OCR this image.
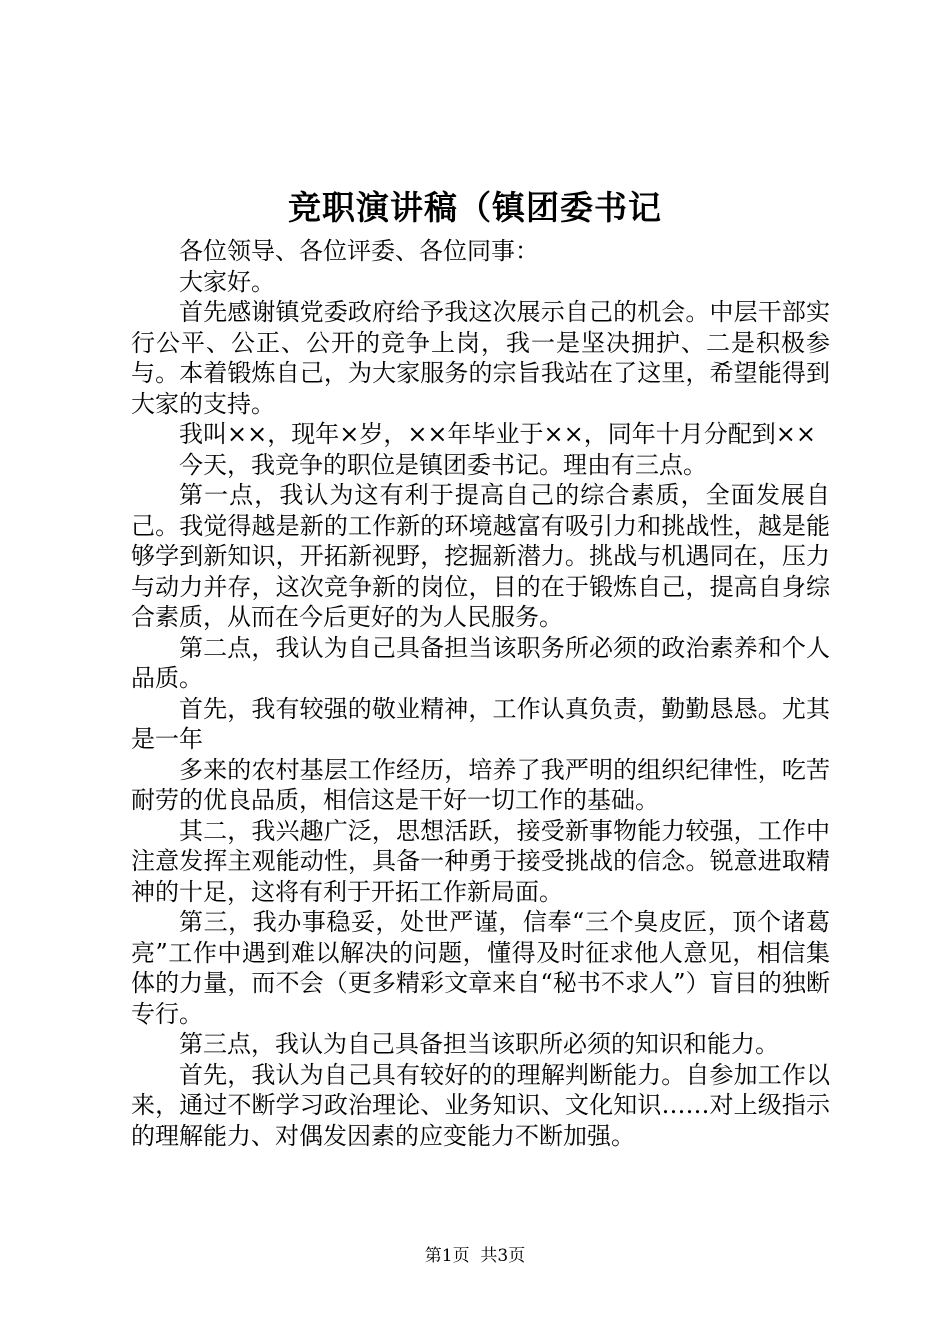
竞职演讲稿（镇团委书记

各位领导、各位评委、各位同事：

大家好。

首先感谢镇党委政府给予我这次展示自己的机会。中层干部实行公平、公正、公开的竞争上岗，我一是坚决拥护、二是积极参与。本着锻炼自己，为大家服务的宗旨我站在了这里，希望能得到大家的支持。

我叫××，现年×岁，××年毕业于××，同年十月分配到××

今天，我竞争的职位是镇团委书记。理由有三点。

第一点，我认为这有利于提高自己的综合素质，全面发展自己。我觉得越是新的工作新的环境越富有吸引力和挑战性，越是能够学到新知识，开拓新视野，挖掘新潜力。挑战与机遇同在，压力与动力并存，这次竞争新的岗位，目的在于锻炼自己，提高自身综合素质，从而在今后更好的为人民服务。

第二点，我认为自己具备担当该职务所必须的政治素养和个人品质。

首先，我有较强的敬业精神，工作认真负责，勤勤恳恳。尤其是一年

多来的农村基层工作经历，培养了我严明的组织纪律性，吃苦耐劳的优良品质，相信这是干好一切工作的基础。

其二，我兴趣广泛，思想活跃，接受新事物能力较强，工作中注意发挥主观能动性，具备一种勇于接受挑战的信念。锐意进取精神的十足，这将有利于开拓工作新局面。

第三，我办事稳妥，处世严谨，信奉“三个臭皮匠，顶个诸葛亮”工作中遇到难以解决的问题，懂得及时征求他人意见，相信集体的力量，而不会（更多精彩文章来自“秘书不求人”）盲目的独断专行。

第三点，我认为自己具备担当该职所必须的知识和能力。

首先，我认为自己具有较好的的理解判断能力。自参加工作以来，通过不断学习政治理论、业务知识、文化知识……对上级指示的理解能力、对偶发因素的应变能力不断加强。

第1页  共3页
